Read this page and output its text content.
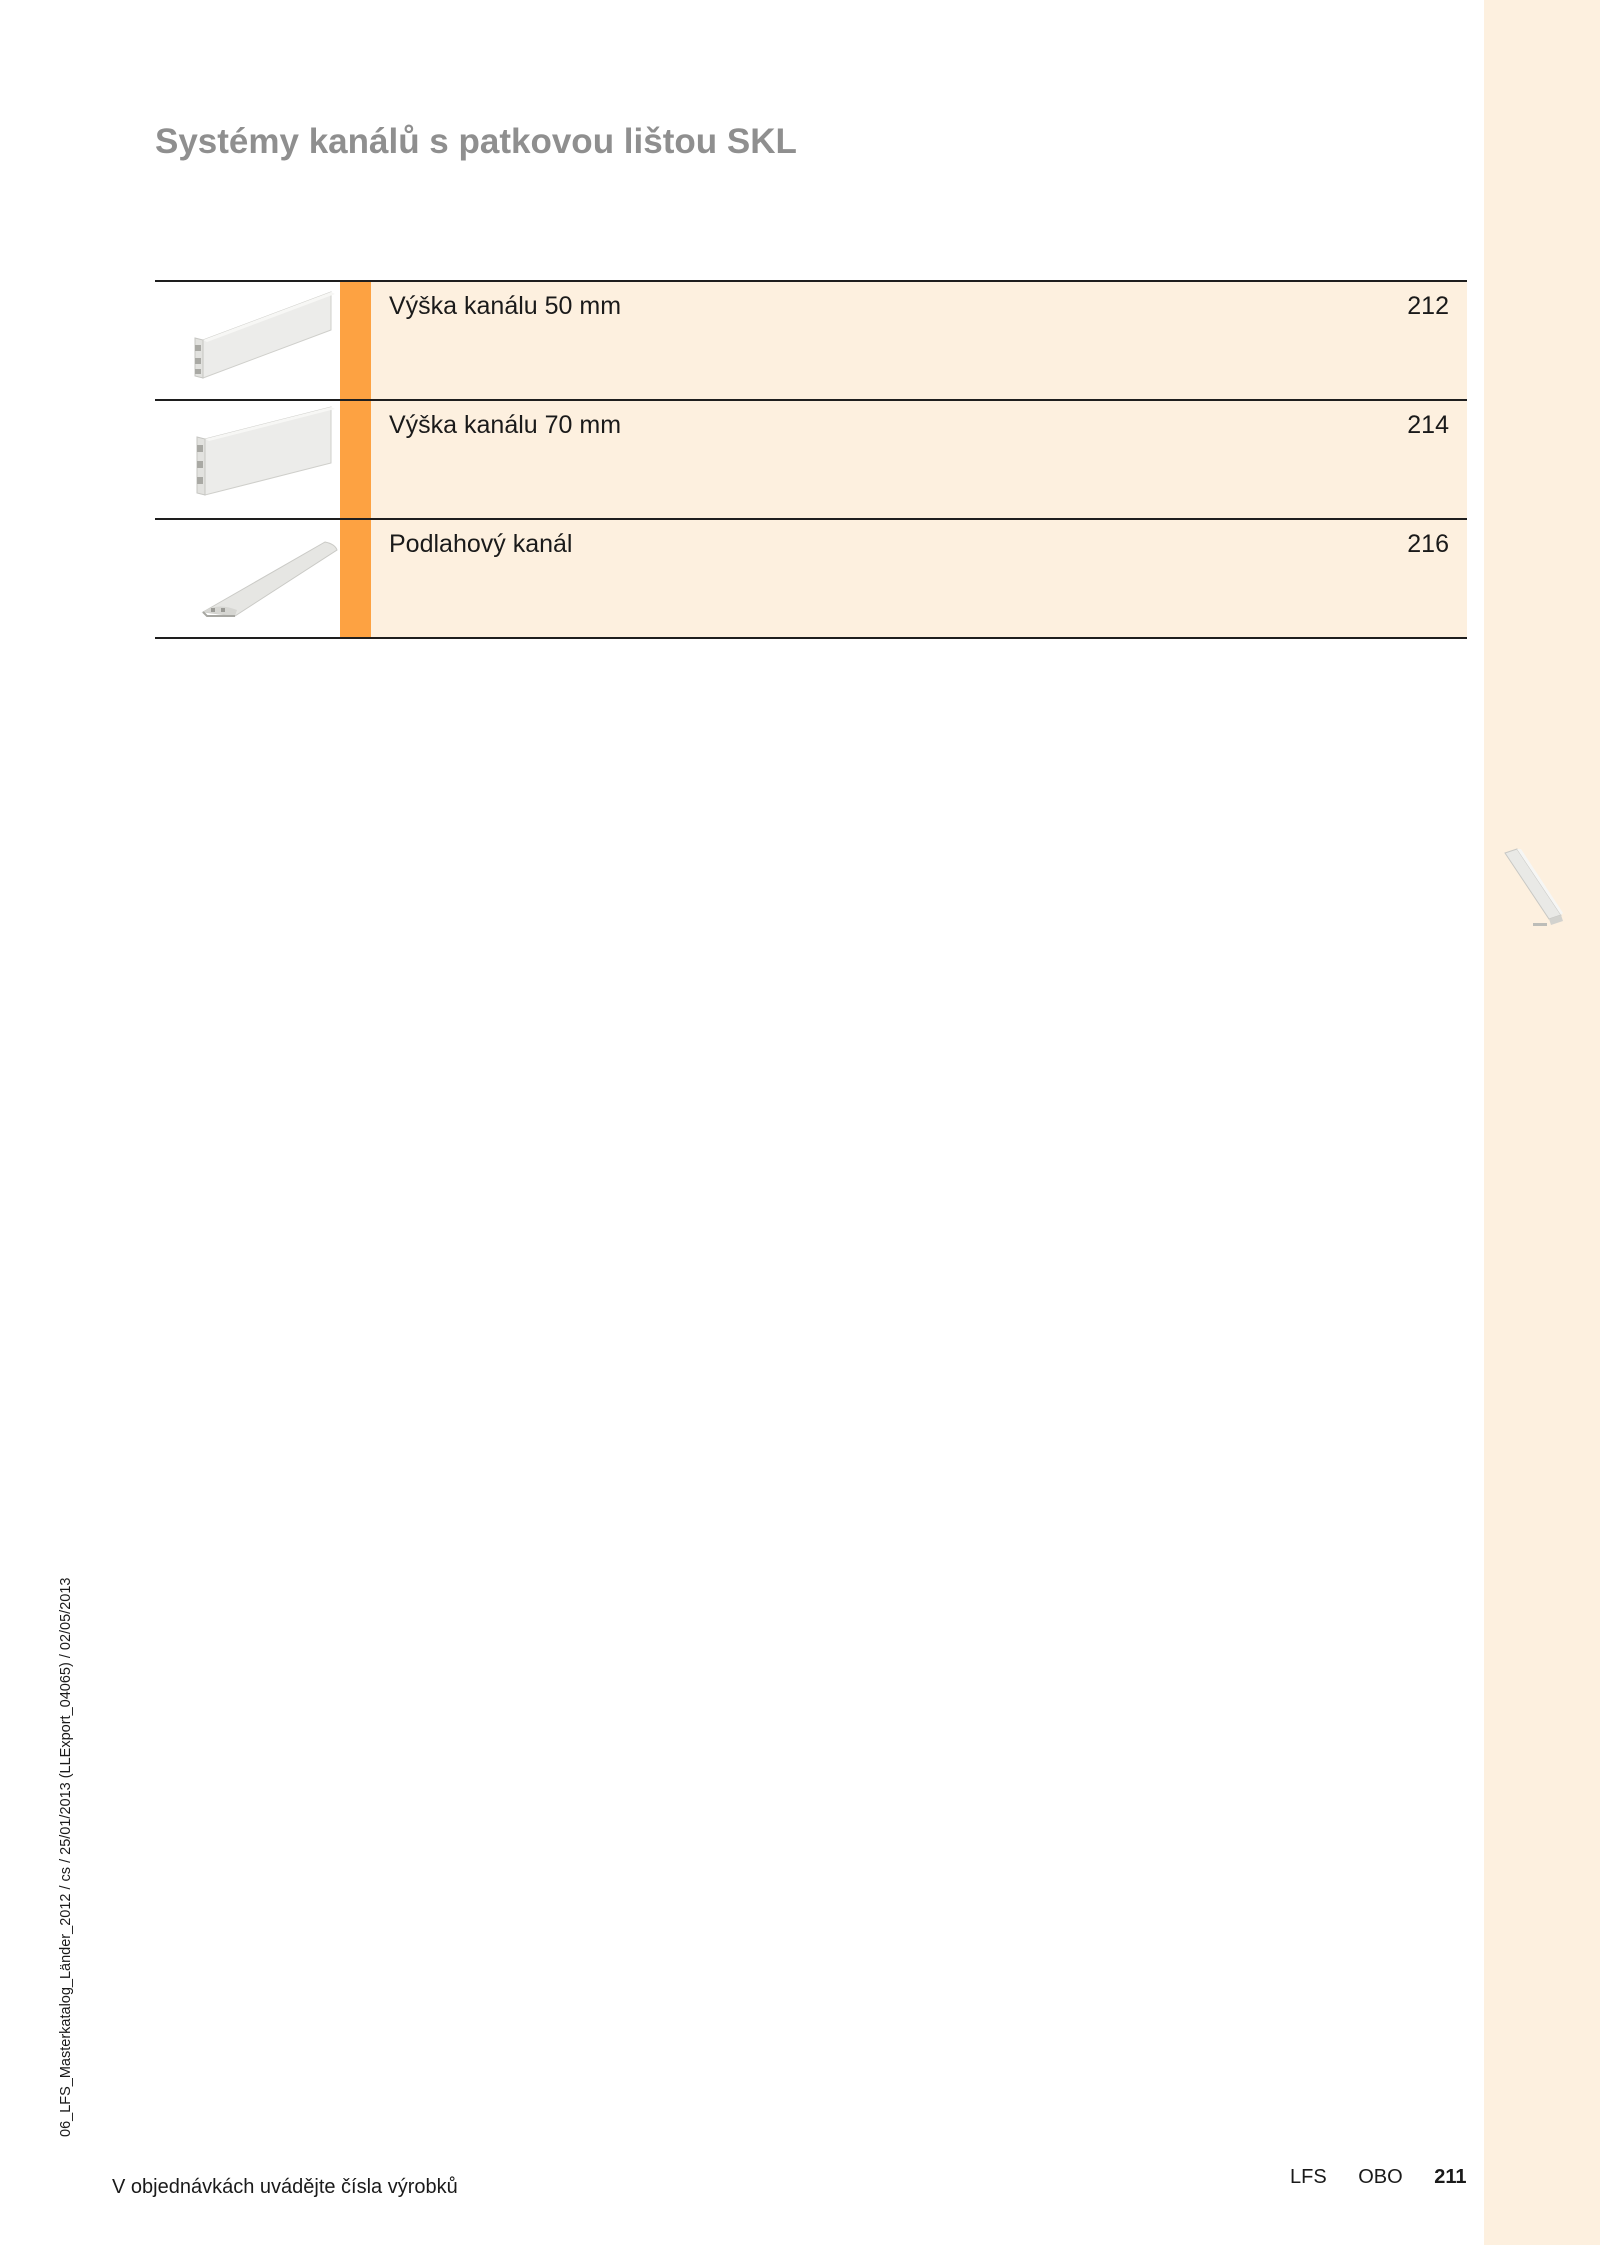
Systémy kanálů s patkovou lištou SKL
Výška kanálu 50 mm	212
Výška kanálu 70 mm	214
Podlahový kanál	216
06_LFS_Masterkatalog_Länder_2012 / cs / 25/01/2013 (LLExport_04065) / 02/05/2013
V objednávkách uvádějte čísla výrobků	LFS OBO 211
